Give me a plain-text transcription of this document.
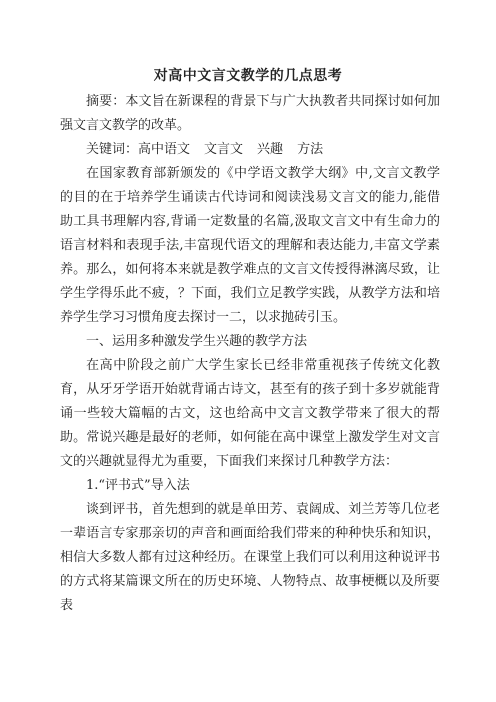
对高中文言文教学的几点思考

摘要：本文旨在新课程的背景下与广大执教者共同探讨如何加强文言文教学的改革。

关键词：高中语文 文言文 兴趣 方法

在国家教育部新颁发的《中学语文教学大纲》中,文言文教学的目的在于培养学生诵读古代诗词和阅读浅易文言文的能力,能借助工具书理解内容,背诵一定数量的名篇,汲取文言文中有生命力的语言材料和表现手法,丰富现代语文的理解和表达能力,丰富文学素养。那么，如何将本来就是教学难点的文言文传授得淋漓尽致，让学生学得乐此不疲，？下面，我们立足教学实践，从教学方法和培养学生学习习惯角度去探讨一二，以求抛砖引玉。

一、运用多种激发学生兴趣的教学方法

在高中阶段之前广大学生家长已经非常重视孩子传统文化教育，从牙牙学语开始就背诵古诗文，甚至有的孩子到十多岁就能背诵一些较大篇幅的古文，这也给高中文言文教学带来了很大的帮助。常说兴趣是最好的老师，如何能在高中课堂上激发学生对文言文的兴趣就显得尤为重要，下面我们来探讨几种教学方法：

1.“评书式”导入法

谈到评书，首先想到的就是单田芳、袁阔成、刘兰芳等几位老一辈语言专家那亲切的声音和画面给我们带来的种种快乐和知识，相信大多数人都有过这种经历。在课堂上我们可以利用这种说评书的方式将某篇课文所在的历史环境、人物特点、故事梗概以及所要表
